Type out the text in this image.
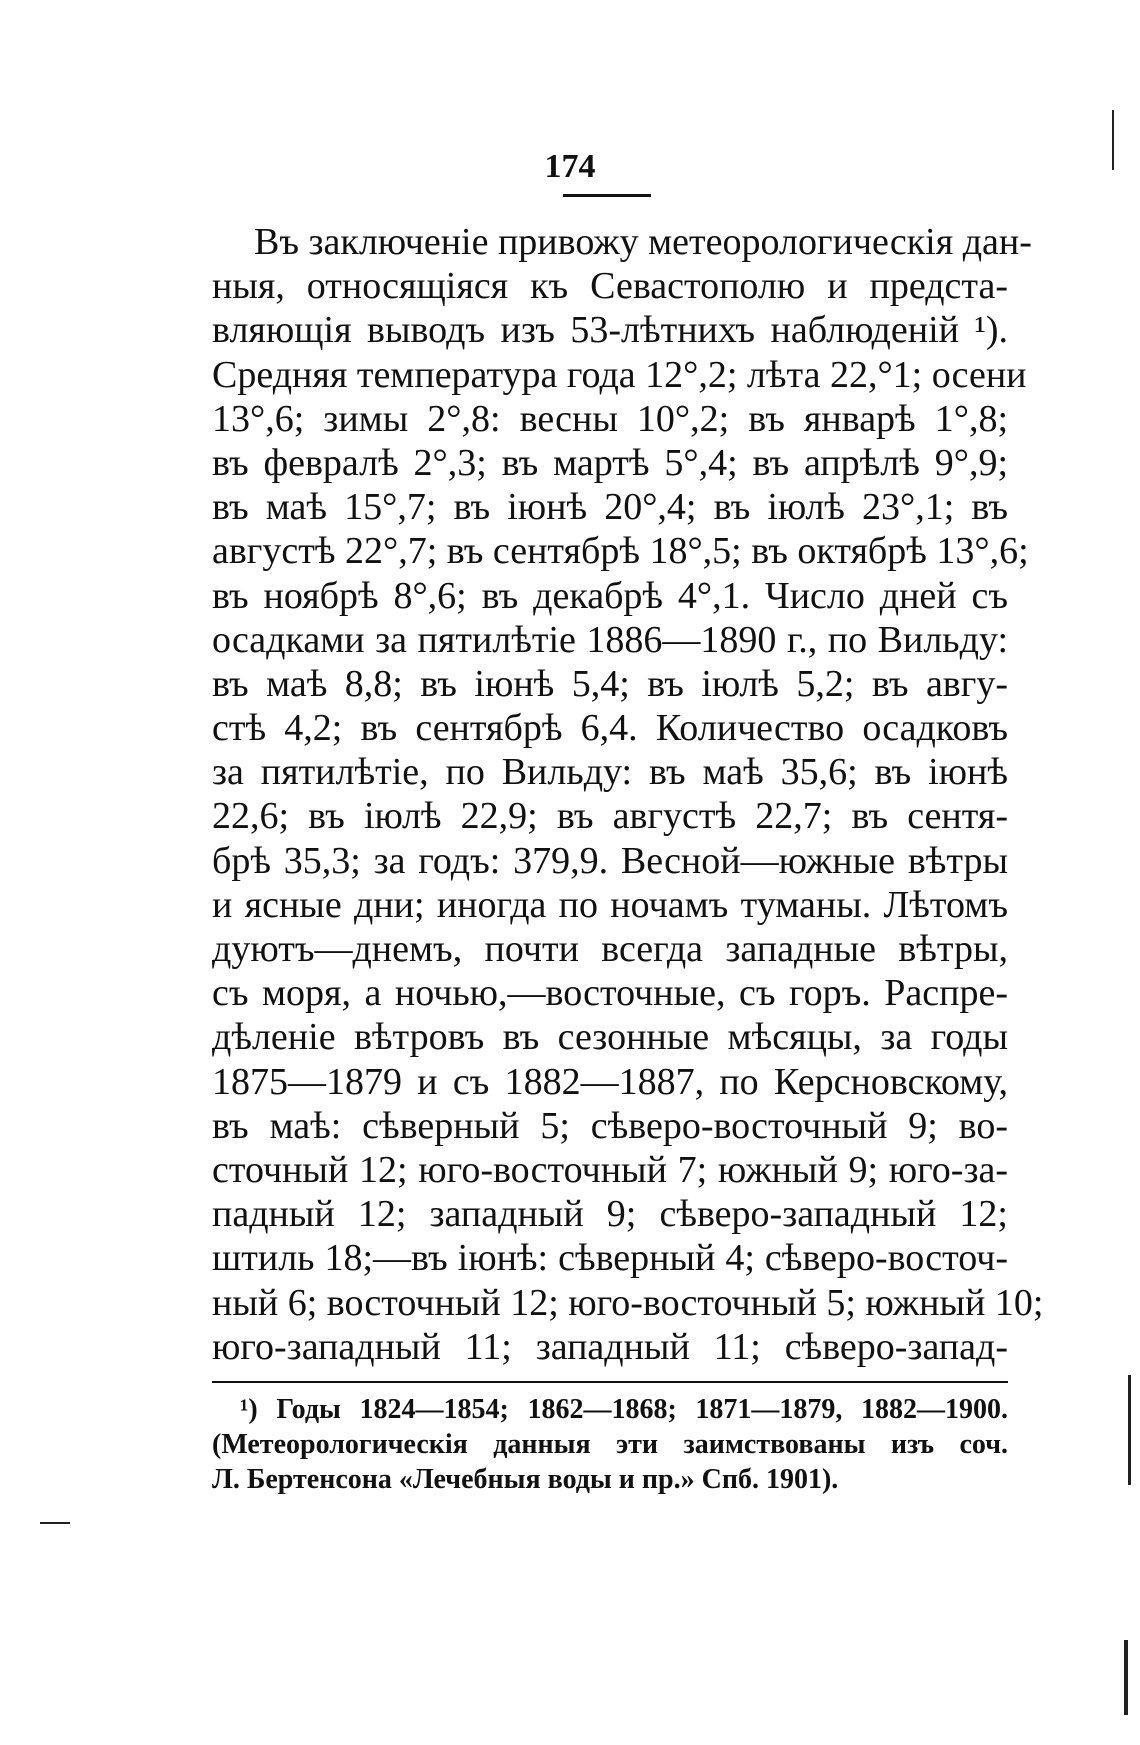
174
Въ заключеніе привожу метеорологическія дан-
ныя, относящіяся къ Севастополю и предста-
вляющія выводъ изъ 53-лѣтнихъ наблюденій ¹).
Средняя температура года 12°,2; лѣта 22,°1; осени
13°,6; зимы 2°,8: весны 10°,2; въ январѣ 1°,8;
въ февралѣ 2°,3; въ мартѣ 5°,4; въ апрѣлѣ 9°,9;
въ маѣ 15°,7; въ іюнѣ 20°,4; въ іюлѣ 23°,1; въ
августѣ 22°,7; въ сентябрѣ 18°,5; въ октябрѣ 13°,6;
въ ноябрѣ 8°,6; въ декабрѣ 4°,1. Число дней съ
осадками за пятилѣтіе 1886—1890 г., по Вильду:
въ маѣ 8,8; въ іюнѣ 5,4; въ іюлѣ 5,2; въ авгу-
стѣ 4,2; въ сентябрѣ 6,4. Количество осадковъ
за пятилѣтіе, по Вильду: въ маѣ 35,6; въ іюнѣ
22,6; въ іюлѣ 22,9; въ августѣ 22,7; въ сентя-
брѣ 35,3; за годъ: 379,9. Весной—южные вѣтры
и ясные дни; иногда по ночамъ туманы. Лѣтомъ
дуютъ—днемъ, почти всегда западные вѣтры,
съ моря, а ночью,—восточные, съ горъ. Распре-
дѣленіе вѣтровъ въ сезонные мѣсяцы, за годы
1875—1879 и съ 1882—1887, по Керсновскому,
въ маѣ: сѣверный 5; сѣверо-восточный 9; во-
сточный 12; юго-восточный 7; южный 9; юго-за-
падный 12; западный 9; сѣверо-западный 12;
штиль 18;—въ іюнѣ: сѣверный 4; сѣверо-восточ-
ный 6; восточный 12; юго-восточный 5; южный 10;
юго-западный 11; западный 11; сѣверо-запад-
¹) Годы 1824—1854; 1862—1868; 1871—1879, 1882—1900.
(Метеорологическія данныя эти заимствованы изъ соч.
Л. Бертенсона «Лечебныя воды и пр.» Спб. 1901).
